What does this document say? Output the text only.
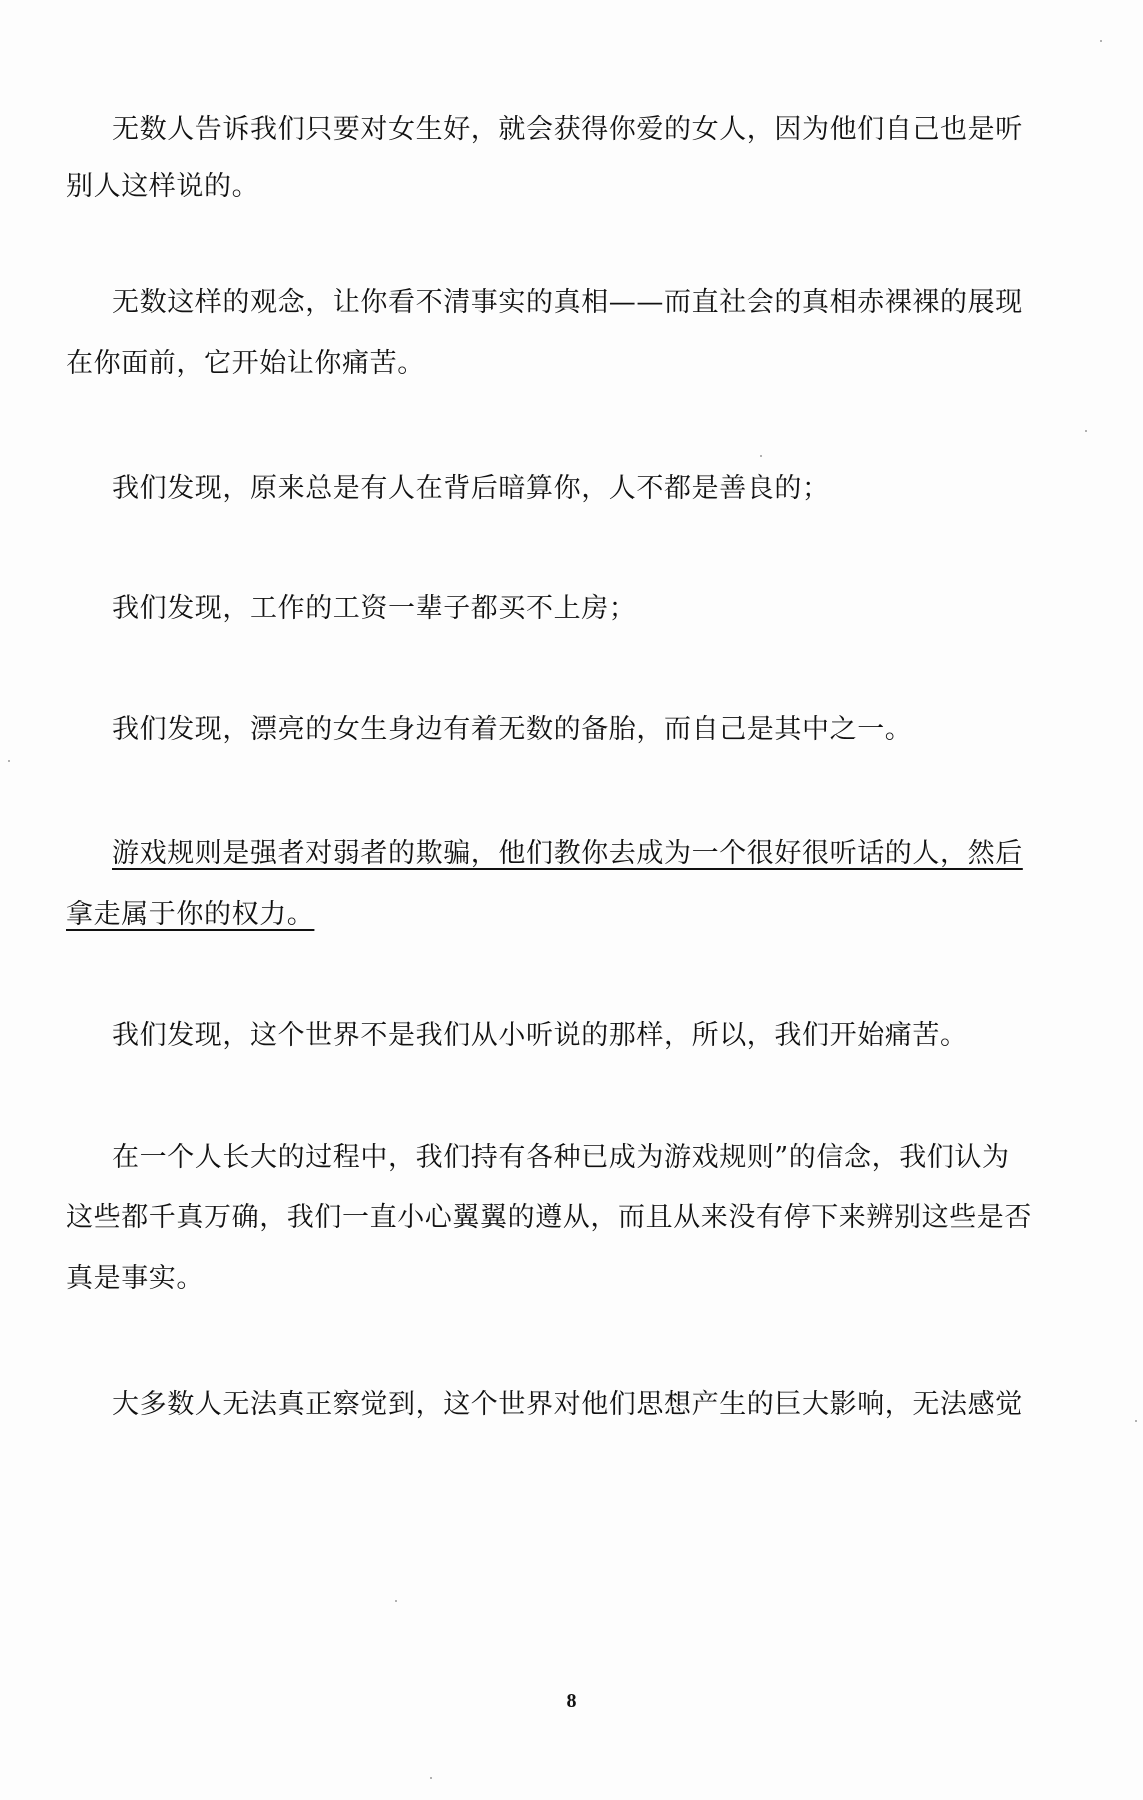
无数人告诉我们只要对女生好，就会获得你爱的女人，因为他们自己也是听
别人这样说的。
无数这样的观念，让你看不清事实的真相——而直社会的真相赤裸裸的展现
在你面前，它开始让你痛苦。
我们发现，原来总是有人在背后暗算你，人不都是善良的；
我们发现，工作的工资一辈子都买不上房；
我们发现，漂亮的女生身边有着无数的备胎，而自己是其中之一。
游戏规则是强者对弱者的欺骗，他们教你去成为一个很好很听话的人，然后
拿走属于你的权力。
我们发现，这个世界不是我们从小听说的那样，所以，我们开始痛苦。
在一个人长大的过程中，我们持有各种已成为游戏规则”的信念，我们认为
这些都千真万确，我们一直小心翼翼的遵从，而且从来没有停下来辨别这些是否
真是事实。
大多数人无法真正察觉到，这个世界对他们思想产生的巨大影响，无法感觉
8
